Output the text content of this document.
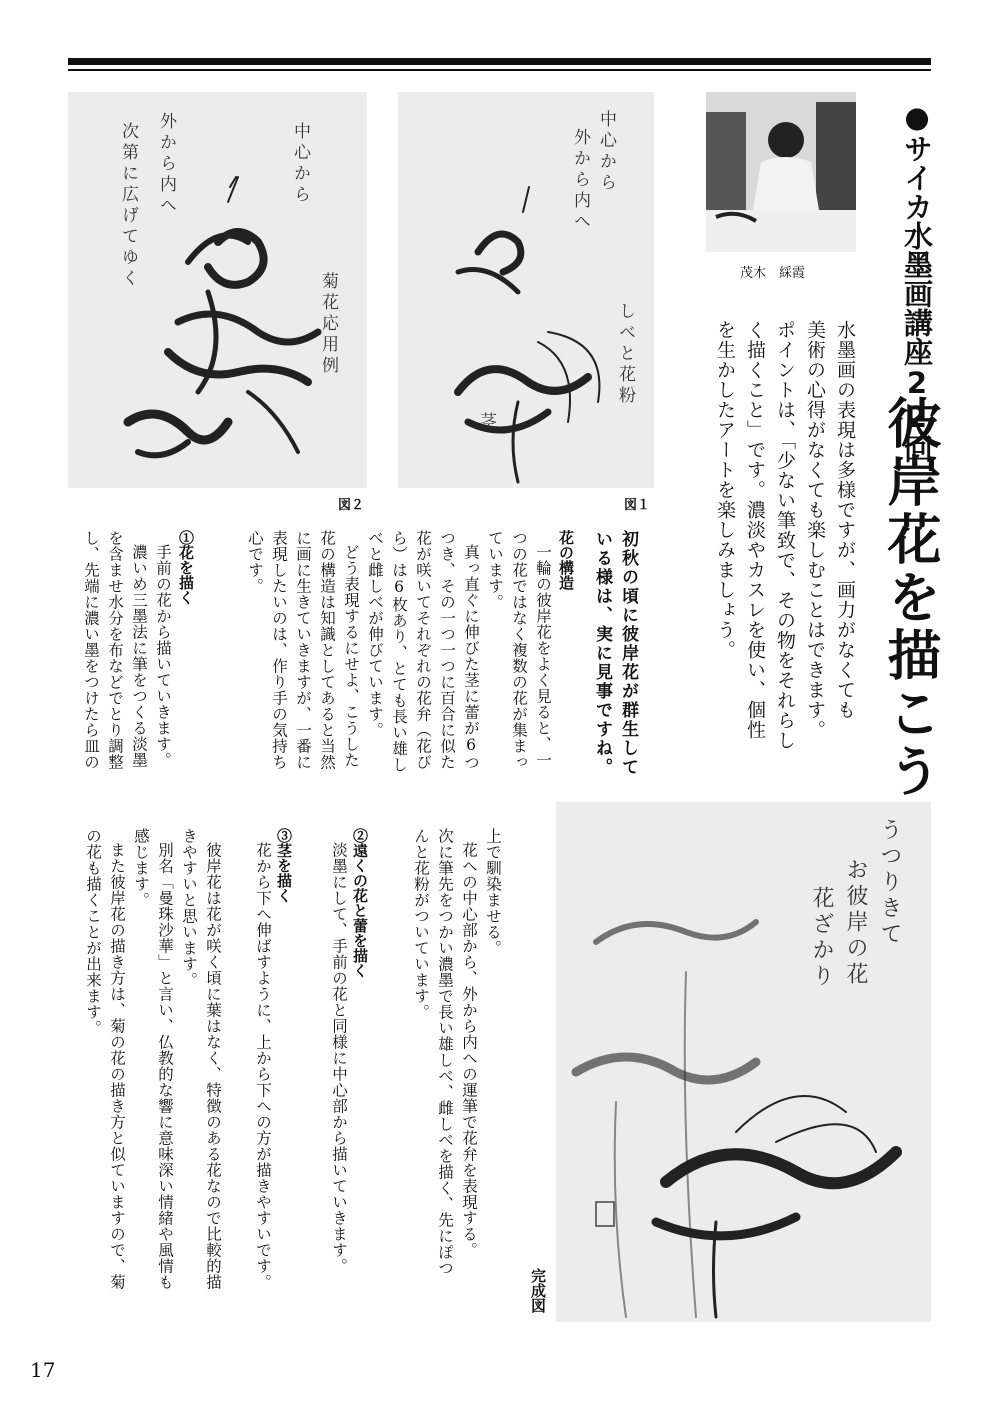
中心から
外から内へ
次第に広げてゆく
菊花応用例
図２
中心から
外から内へ
しべと花粉
茎
図１
茂木　綵霞	●サイカ水墨画講座22回
彼岸花を描こう
水墨画の表現は多様ですが、画力がなくても
美術の心得がなくても楽しむことはできます。
ポイントは、「少ない筆致で、その物をそれらし
く描くこと」です。濃淡やカスレを使い、個性
を生かしたアートを楽しみましょう。
初秋の頃に彼岸花が群生して
いる様は、実に見事ですね。
花の構造
一輪の彼岸花をよく見ると、一
つの花ではなく複数の花が集まっ
ています。
真っ直ぐに伸びた茎に蕾が6つ
つき、その一つ一つに百合に似た
花が咲いてそれぞれの花弁（花び
ら）は6枚あり、とても長い雄し
べと雌しべが伸びています。
どう表現するにせよ、こうした
花の構造は知識としてあると当然
に画に生きていきますが、一番に
表現したいのは、作り手の気持ち
心です。
①花を描く
手前の花から描いていきます。
濃いめ三墨法に筆をつくる淡墨
を含ませ水分を布などでとり調整
し、先端に濃い墨をつけたら皿の
うつりきて
お彼岸の花
花ざかり
完成図
上で馴染ませる。
花への中心部から、外から内への運筆で花弁を表現する。
次に筆先をつかい濃墨で長い雄しべ、雌しべを描く、先にぽつ
んと花粉がついています。
②遠くの花と蕾を描く
淡墨にして、手前の花と同様に中心部から描いていきます。
③茎を描く
花から下へ伸ばすように、上から下への方が描きやすいです。
彼岸花は花が咲く頃に葉はなく、特徴のある花なので比較的描
きやすいと思います。
別名「曼珠沙華」と言い、仏教的な響に意味深い情緒や風情も
感じます。
また彼岸花の描き方は、菊の花の描き方と似ていますので、菊
の花も描くことが出来ます。
17
